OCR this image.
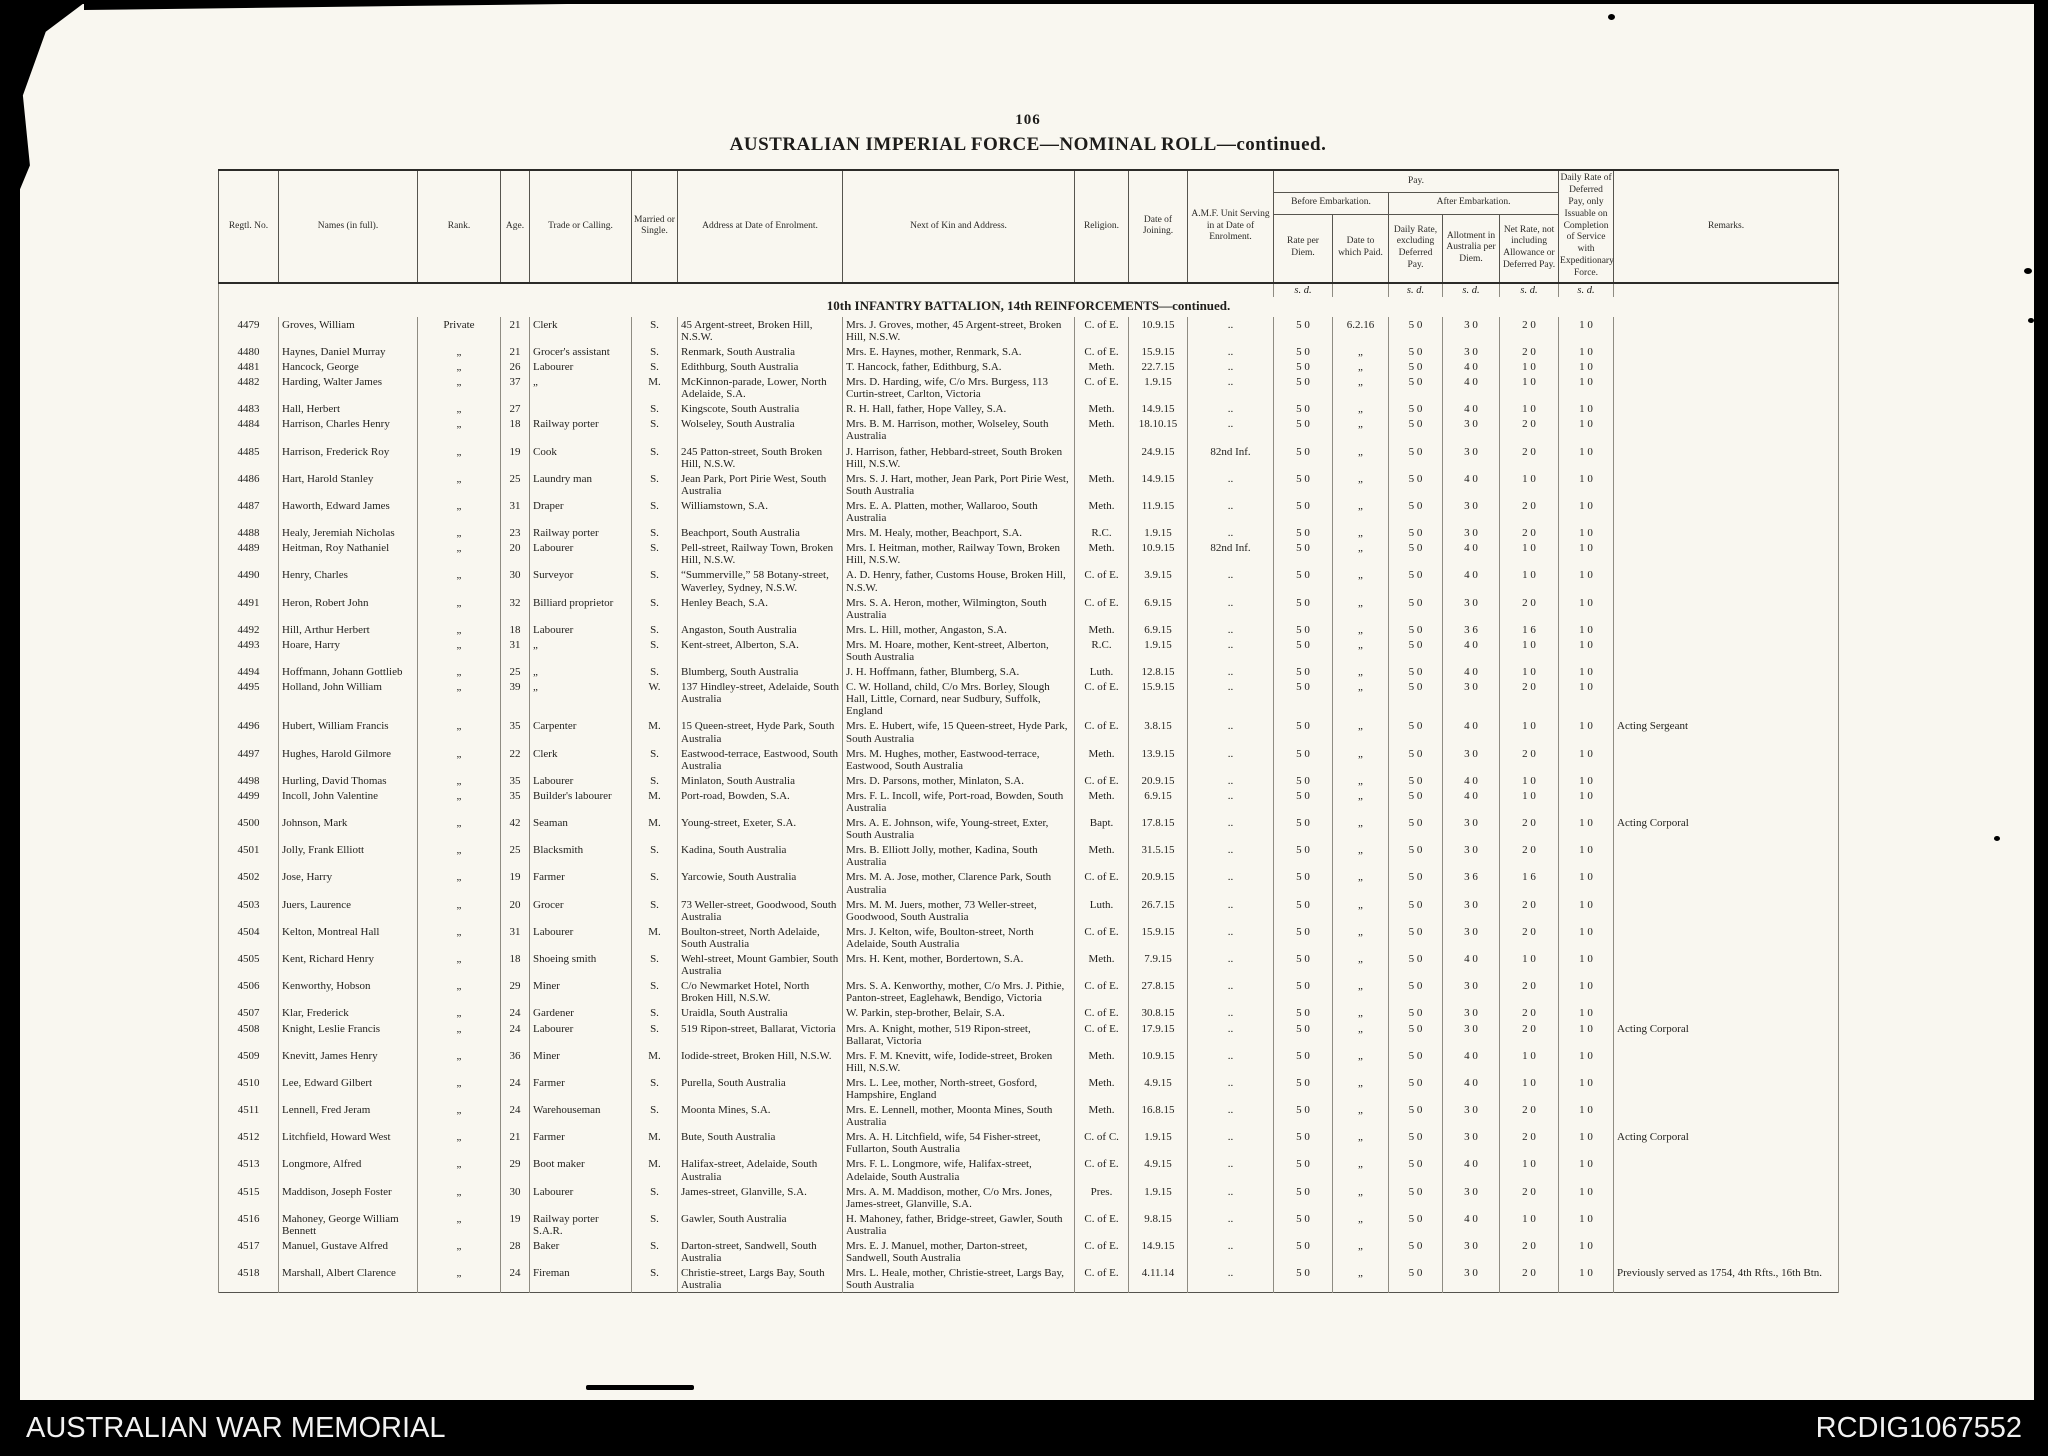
106
AUSTRALIAN IMPERIAL FORCE—NOMINAL ROLL—continued.
Regtl. No.	Names (in full).	Rank.	Age.	Trade or Calling.	Married or Single.	Address at Date of Enrolment.	Next of Kin and Address.	Religion.	Date of Joining.	A.M.F. Unit Serving in at Date of Enrolment.	Pay.					Daily Rate of Deferred Pay, only Issuable on Completion of Service with Expeditionary Force.	Remarks.
											Before Embarkation.		After Embarkation.				
											Rate per Diem.	Date to which Paid.	Daily Rate, excluding Deferred Pay.	Allotment in Australia per Diem.	Net Rate, not including Allowance or Deferred Pay.		
											s. d.		s. d.	s. d.	s. d.	s. d.	
10th INFANTRY BATTALION, 14th REINFORCEMENTS—continued.																	
4479	Groves, William	Private	21	Clerk	S.	45 Argent-street, Broken Hill, N.S.W.	Mrs. J. Groves, mother, 45 Argent-street, Broken Hill, N.S.W.	C. of E.	10.9.15	..	5 0	6.2.16	5 0	3 0	2 0	1 0	
4480	Haynes, Daniel Murray	„	21	Grocer's assistant	S.	Renmark, South Australia	Mrs. E. Haynes, mother, Renmark, S.A.	C. of E.	15.9.15	..	5 0	„	5 0	3 0	2 0	1 0	
4481	Hancock, George	„	26	Labourer	S.	Edithburg, South Australia	T. Hancock, father, Edithburg, S.A.	Meth.	22.7.15	..	5 0	„	5 0	4 0	1 0	1 0	
4482	Harding, Walter James	„	37	„	M.	McKinnon-parade, Lower, North Adelaide, S.A.	Mrs. D. Harding, wife, C/o Mrs. Burgess, 113 Curtin-street, Carlton, Victoria	C. of E.	1.9.15	..	5 0	„	5 0	4 0	1 0	1 0	
4483	Hall, Herbert	„	27		S.	Kingscote, South Australia	R. H. Hall, father, Hope Valley, S.A.	Meth.	14.9.15	..	5 0	„	5 0	4 0	1 0	1 0	
4484	Harrison, Charles Henry	„	18	Railway porter	S.	Wolseley, South Australia	Mrs. B. M. Harrison, mother, Wolseley, South Australia	Meth.	18.10.15	..	5 0	„	5 0	3 0	2 0	1 0	
4485	Harrison, Frederick Roy	„	19	Cook	S.	245 Patton-street, South Broken Hill, N.S.W.	J. Harrison, father, Hebbard-street, South Broken Hill, N.S.W.		24.9.15	82nd Inf.	5 0	„	5 0	3 0	2 0	1 0	
4486	Hart, Harold Stanley	„	25	Laundry man	S.	Jean Park, Port Pirie West, South Australia	Mrs. S. J. Hart, mother, Jean Park, Port Pirie West, South Australia	Meth.	14.9.15	..	5 0	„	5 0	4 0	1 0	1 0	
4487	Haworth, Edward James	„	31	Draper	S.	Williamstown, S.A.	Mrs. E. A. Platten, mother, Wallaroo, South Australia	Meth.	11.9.15	..	5 0	„	5 0	3 0	2 0	1 0	
4488	Healy, Jeremiah Nicholas	„	23	Railway porter	S.	Beachport, South Australia	Mrs. M. Healy, mother, Beachport, S.A.	R.C.	1.9.15	..	5 0	„	5 0	3 0	2 0	1 0	
4489	Heitman, Roy Nathaniel	„	20	Labourer	S.	Pell-street, Railway Town, Broken Hill, N.S.W.	Mrs. I. Heitman, mother, Railway Town, Broken Hill, N.S.W.	Meth.	10.9.15	82nd Inf.	5 0	„	5 0	4 0	1 0	1 0	
4490	Henry, Charles	„	30	Surveyor	S.	“Summerville,” 58 Botany-street, Waverley, Sydney, N.S.W.	A. D. Henry, father, Customs House, Broken Hill, N.S.W.	C. of E.	3.9.15	..	5 0	„	5 0	4 0	1 0	1 0	
4491	Heron, Robert John	„	32	Billiard proprietor	S.	Henley Beach, S.A.	Mrs. S. A. Heron, mother, Wilmington, South Australia	C. of E.	6.9.15	..	5 0	„	5 0	3 0	2 0	1 0	
4492	Hill, Arthur Herbert	„	18	Labourer	S.	Angaston, South Australia	Mrs. L. Hill, mother, Angaston, S.A.	Meth.	6.9.15	..	5 0	„	5 0	3 6	1 6	1 0	
4493	Hoare, Harry	„	31	„	S.	Kent-street, Alberton, S.A.	Mrs. M. Hoare, mother, Kent-street, Alberton, South Australia	R.C.	1.9.15	..	5 0	„	5 0	4 0	1 0	1 0	
4494	Hoffmann, Johann Gottlieb	„	25	„	S.	Blumberg, South Australia	J. H. Hoffmann, father, Blumberg, S.A.	Luth.	12.8.15	..	5 0	„	5 0	4 0	1 0	1 0	
4495	Holland, John William	„	39	„	W.	137 Hindley-street, Adelaide, South Australia	C. W. Holland, child, C/o Mrs. Borley, Slough Hall, Little, Cornard, near Sudbury, Suffolk, England	C. of E.	15.9.15	..	5 0	„	5 0	3 0	2 0	1 0	
4496	Hubert, William Francis	„	35	Carpenter	M.	15 Queen-street, Hyde Park, South Australia	Mrs. E. Hubert, wife, 15 Queen-street, Hyde Park, South Australia	C. of E.	3.8.15	..	5 0	„	5 0	4 0	1 0	1 0	Acting Sergeant
4497	Hughes, Harold Gilmore	„	22	Clerk	S.	Eastwood-terrace, Eastwood, South Australia	Mrs. M. Hughes, mother, Eastwood-terrace, Eastwood, South Australia	Meth.	13.9.15	..	5 0	„	5 0	3 0	2 0	1 0	
4498	Hurling, David Thomas	„	35	Labourer	S.	Minlaton, South Australia	Mrs. D. Parsons, mother, Minlaton, S.A.	C. of E.	20.9.15	..	5 0	„	5 0	4 0	1 0	1 0	
4499	Incoll, John Valentine	„	35	Builder's labourer	M.	Port-road, Bowden, S.A.	Mrs. F. L. Incoll, wife, Port-road, Bowden, South Australia	Meth.	6.9.15	..	5 0	„	5 0	4 0	1 0	1 0	
4500	Johnson, Mark	„	42	Seaman	M.	Young-street, Exeter, S.A.	Mrs. A. E. Johnson, wife, Young-street, Exter, South Australia	Bapt.	17.8.15	..	5 0	„	5 0	3 0	2 0	1 0	Acting Corporal
4501	Jolly, Frank Elliott	„	25	Blacksmith	S.	Kadina, South Australia	Mrs. B. Elliott Jolly, mother, Kadina, South Australia	Meth.	31.5.15	..	5 0	„	5 0	3 0	2 0	1 0	
4502	Jose, Harry	„	19	Farmer	S.	Yarcowie, South Australia	Mrs. M. A. Jose, mother, Clarence Park, South Australia	C. of E.	20.9.15	..	5 0	„	5 0	3 6	1 6	1 0	
4503	Juers, Laurence	„	20	Grocer	S.	73 Weller-street, Goodwood, South Australia	Mrs. M. M. Juers, mother, 73 Weller-street, Goodwood, South Australia	Luth.	26.7.15	..	5 0	„	5 0	3 0	2 0	1 0	
4504	Kelton, Montreal Hall	„	31	Labourer	M.	Boulton-street, North Adelaide, South Australia	Mrs. J. Kelton, wife, Boulton-street, North Adelaide, South Australia	C. of E.	15.9.15	..	5 0	„	5 0	3 0	2 0	1 0	
4505	Kent, Richard Henry	„	18	Shoeing smith	S.	Wehl-street, Mount Gambier, South Australia	Mrs. H. Kent, mother, Bordertown, S.A.	Meth.	7.9.15	..	5 0	„	5 0	4 0	1 0	1 0	
4506	Kenworthy, Hobson	„	29	Miner	S.	C/o Newmarket Hotel, North Broken Hill, N.S.W.	Mrs. S. A. Kenworthy, mother, C/o Mrs. J. Pithie, Panton-street, Eaglehawk, Bendigo, Victoria	C. of E.	27.8.15	..	5 0	„	5 0	3 0	2 0	1 0	
4507	Klar, Frederick	„	24	Gardener	S.	Uraidla, South Australia	W. Parkin, step-brother, Belair, S.A.	C. of E.	30.8.15	..	5 0	„	5 0	3 0	2 0	1 0	
4508	Knight, Leslie Francis	„	24	Labourer	S.	519 Ripon-street, Ballarat, Victoria	Mrs. A. Knight, mother, 519 Ripon-street, Ballarat, Victoria	C. of E.	17.9.15	..	5 0	„	5 0	3 0	2 0	1 0	Acting Corporal
4509	Knevitt, James Henry	„	36	Miner	M.	Iodide-street, Broken Hill, N.S.W.	Mrs. F. M. Knevitt, wife, Iodide-street, Broken Hill, N.S.W.	Meth.	10.9.15	..	5 0	„	5 0	4 0	1 0	1 0	
4510	Lee, Edward Gilbert	„	24	Farmer	S.	Purella, South Australia	Mrs. L. Lee, mother, North-street, Gosford, Hampshire, England	Meth.	4.9.15	..	5 0	„	5 0	4 0	1 0	1 0	
4511	Lennell, Fred Jeram	„	24	Warehouseman	S.	Moonta Mines, S.A.	Mrs. E. Lennell, mother, Moonta Mines, South Australia	Meth.	16.8.15	..	5 0	„	5 0	3 0	2 0	1 0	
4512	Litchfield, Howard West	„	21	Farmer	M.	Bute, South Australia	Mrs. A. H. Litchfield, wife, 54 Fisher-street, Fullarton, South Australia	C. of C.	1.9.15	..	5 0	„	5 0	3 0	2 0	1 0	Acting Corporal
4513	Longmore, Alfred	„	29	Boot maker	M.	Halifax-street, Adelaide, South Australia	Mrs. F. L. Longmore, wife, Halifax-street, Adelaide, South Australia	C. of E.	4.9.15	..	5 0	„	5 0	4 0	1 0	1 0	
4515	Maddison, Joseph Foster	„	30	Labourer	S.	James-street, Glanville, S.A.	Mrs. A. M. Maddison, mother, C/o Mrs. Jones, James-street, Glanville, S.A.	Pres.	1.9.15	..	5 0	„	5 0	3 0	2 0	1 0	
4516	Mahoney, George William Bennett	„	19	Railway porter S.A.R.	S.	Gawler, South Australia	H. Mahoney, father, Bridge-street, Gawler, South Australia	C. of E.	9.8.15	..	5 0	„	5 0	4 0	1 0	1 0	
4517	Manuel, Gustave Alfred	„	28	Baker	S.	Darton-street, Sandwell, South Australia	Mrs. E. J. Manuel, mother, Darton-street, Sandwell, South Australia	C. of E.	14.9.15	..	5 0	„	5 0	3 0	2 0	1 0	
4518	Marshall, Albert Clarence	„	24	Fireman	S.	Christie-street, Largs Bay, South Australia	Mrs. L. Heale, mother, Christie-street, Largs Bay, South Australia	C. of E.	4.11.14	..	5 0	„	5 0	3 0	2 0	1 0	Previously served as 1754, 4th Rfts., 16th Btn.
AUSTRALIAN WAR MEMORIAL	RCDIG1067552
